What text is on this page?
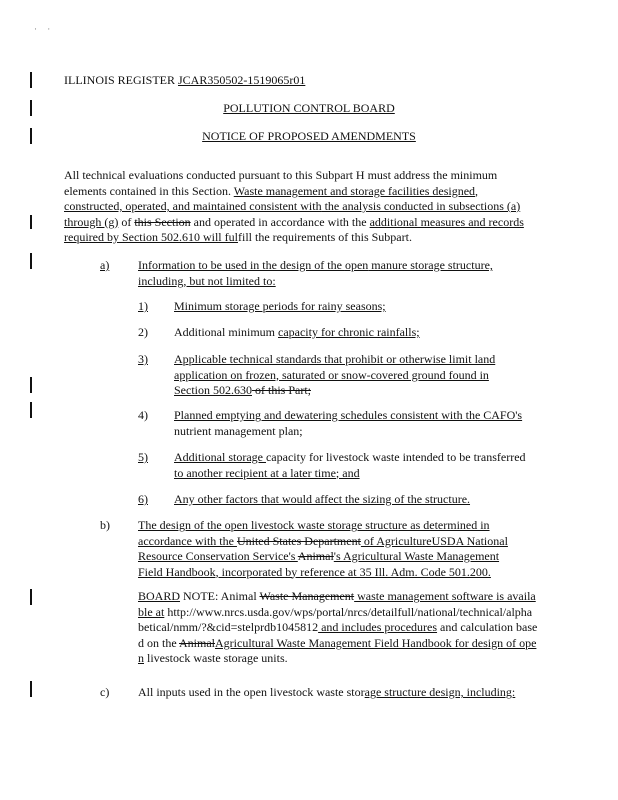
· ·
ILLINOIS REGISTER JCAR350502-1519065r01
POLLUTION CONTROL BOARD
NOTICE OF PROPOSED AMENDMENTS

All technical evaluations conducted pursuant to this Subpart H must address the minimum elements contained in this Section. Waste management and storage facilities designed, constructed, operated, and maintained consistent with the analysis conducted in subsections (a) through (g) of this Section and operated in accordance with the additional measures and records required by Section 502.610 will fulfill the requirements of this Subpart.

a) Information to be used in the design of the open manure storage structure, including, but not limited to:

1) Minimum storage periods for rainy seasons;

2) Additional minimum capacity for chronic rainfalls;

3) Applicable technical standards that prohibit or otherwise limit land application on frozen, saturated or snow-covered ground found in Section 502.630 of this Part;

4) Planned emptying and dewatering schedules consistent with the CAFO's nutrient management plan;

5) Additional storage capacity for livestock waste intended to be transferred to another recipient at a later time; and

6) Any other factors that would affect the sizing of the structure.

b) The design of the open livestock waste storage structure as determined in accordance with the United States Department of AgricultureUSDA National Resource Conservation Service's Animal's Agricultural Waste Management Field Handbook, incorporated by reference at 35 Ill. Adm. Code 501.200.

BOARD NOTE: Animal Waste Management waste management software is available at http://www.nrcs.usda.gov/wps/portal/nrcs/detailfull/national/technical/alphabetical/nmm/?&cid=stelprdb1045812 and includes procedures and calculation based on the AnimalAgricultural Waste Management Field Handbook for design of open livestock waste storage units.

c) All inputs used in the open livestock waste storage structure design, including:
